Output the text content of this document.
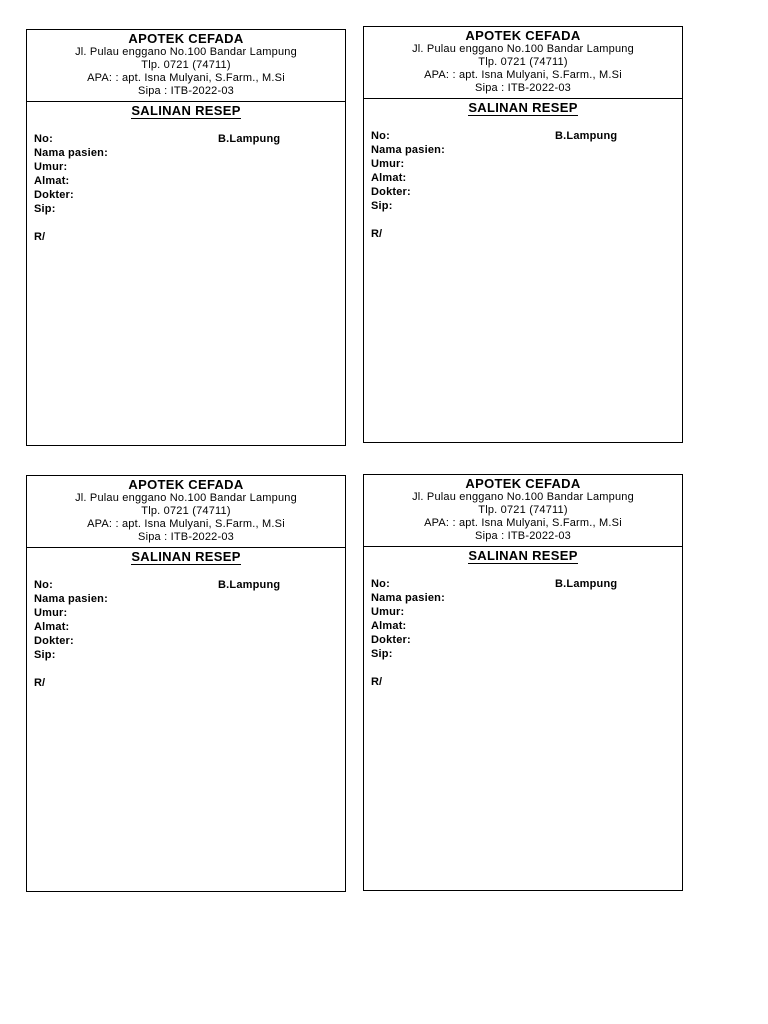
APOTEK CEFADA
Jl. Pulau enggano No.100 Bandar Lampung
Tlp. 0721 (74711)
APA: : apt. Isna Mulyani, S.Farm., M.Si
Sipa : ITB-2022-03
SALINAN RESEP
No:
Nama pasien:
Umur:
Almat:
Dokter:
Sip:
B.Lampung
R/
APOTEK CEFADA
Jl. Pulau enggano No.100 Bandar Lampung
Tlp. 0721 (74711)
APA: : apt. Isna Mulyani, S.Farm., M.Si
Sipa : ITB-2022-03
SALINAN RESEP
No:
Nama pasien:
Umur:
Almat:
Dokter:
Sip:
B.Lampung
R/
APOTEK CEFADA
Jl. Pulau enggano No.100 Bandar Lampung
Tlp. 0721 (74711)
APA: : apt. Isna Mulyani, S.Farm., M.Si
Sipa : ITB-2022-03
SALINAN RESEP
No:
Nama pasien:
Umur:
Almat:
Dokter:
Sip:
B.Lampung
R/
APOTEK CEFADA
Jl. Pulau enggano No.100 Bandar Lampung
Tlp. 0721 (74711)
APA: : apt. Isna Mulyani, S.Farm., M.Si
Sipa : ITB-2022-03
SALINAN RESEP
No:
Nama pasien:
Umur:
Almat:
Dokter:
Sip:
B.Lampung
R/
